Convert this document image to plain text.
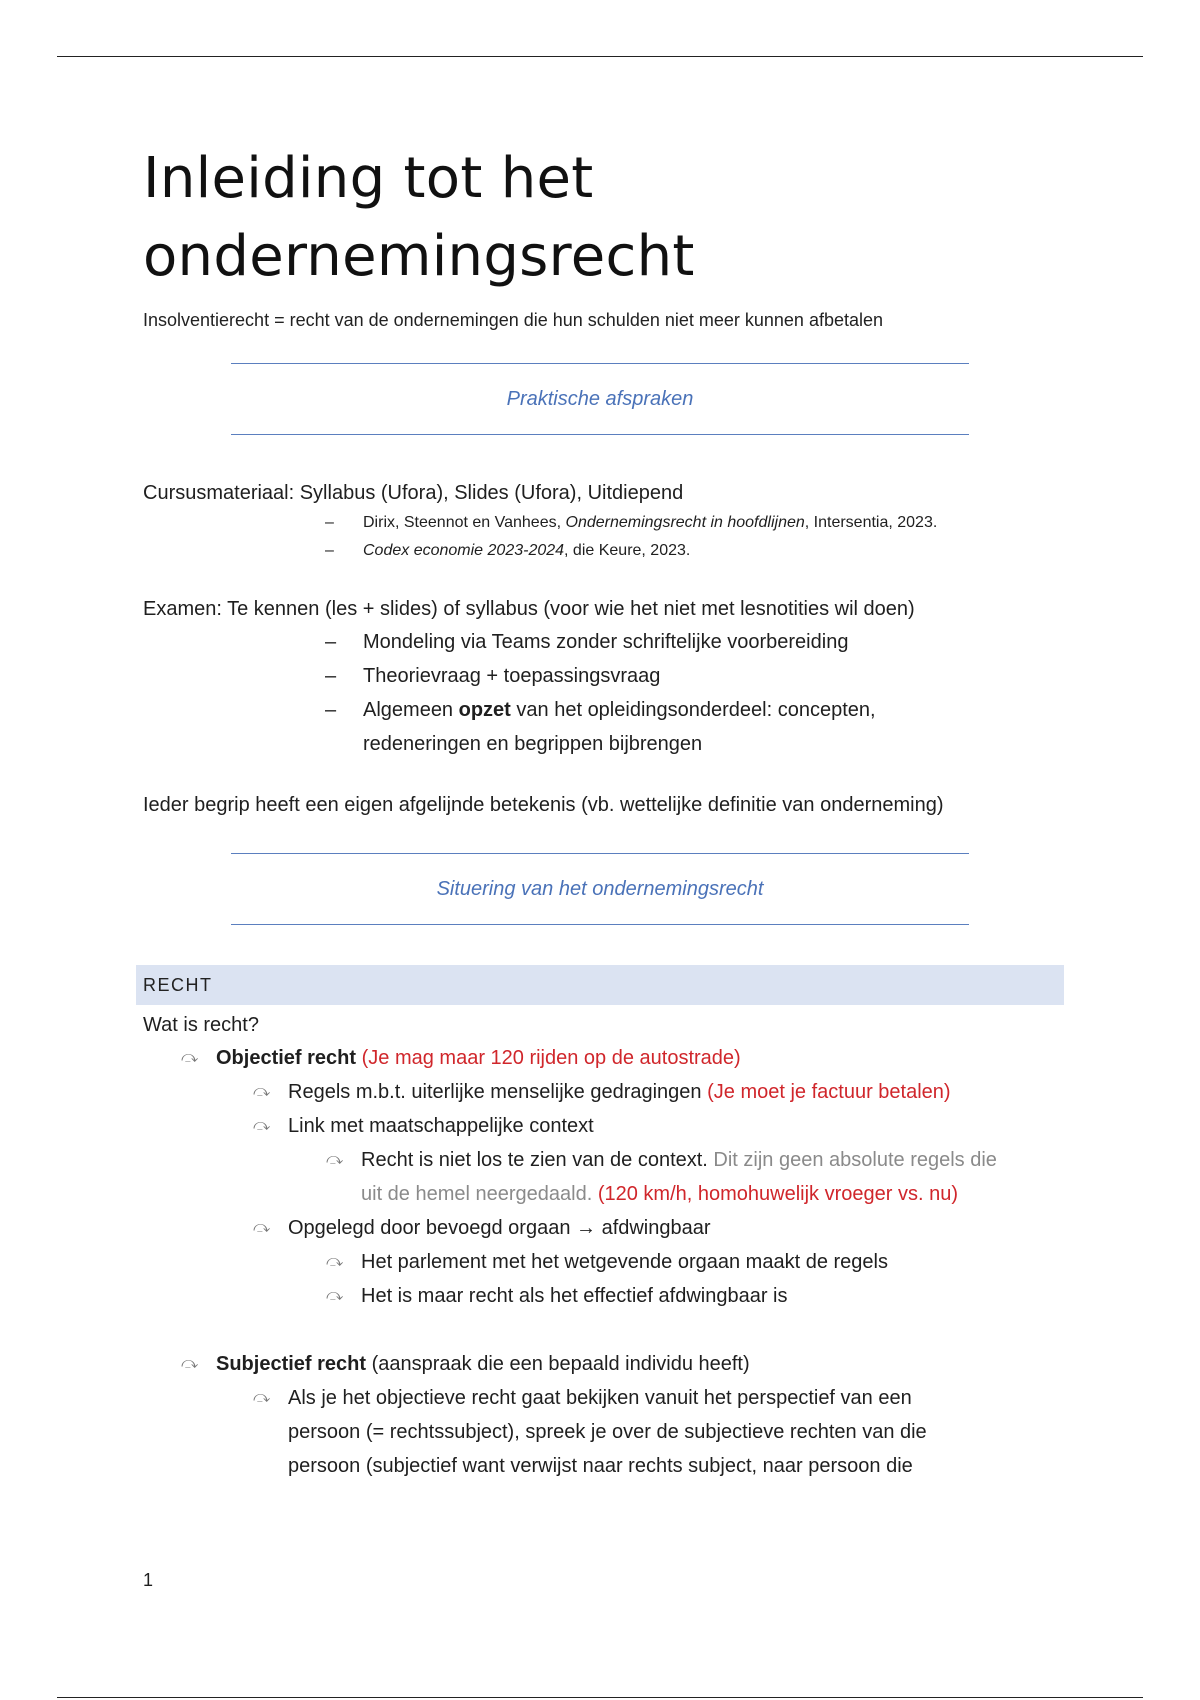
Inleiding tot het
ondernemingsrecht
Insolventierecht = recht van de ondernemingen die hun schulden niet meer kunnen afbetalen
Praktische afspraken
Cursusmateriaal: Syllabus (Ufora), Slides (Ufora), Uitdiepend
– Dirix, Steennot en Vanhees, Ondernemingsrecht in hoofdlijnen, Intersentia, 2023.
– Codex economie 2023-2024, die Keure, 2023.
Examen: Te kennen (les + slides) of syllabus (voor wie het niet met lesnotities wil doen)
– Mondeling via Teams zonder schriftelijke voorbereiding
– Theorievraag + toepassingsvraag
– Algemeen opzet van het opleidingsonderdeel: concepten,
redeneringen en begrippen bijbrengen
Ieder begrip heeft een eigen afgelijnde betekenis (vb. wettelijke definitie van onderneming)
Situering van het ondernemingsrecht
RECHT
Wat is recht?
⤼ Objectief recht (Je mag maar 120 rijden op de autostrade)
⤼ Regels m.b.t. uiterlijke menselijke gedragingen (Je moet je factuur betalen)
⤼ Link met maatschappelijke context
⤼ Recht is niet los te zien van de context. Dit zijn geen absolute regels die
uit de hemel neergedaald. (120 km/h, homohuwelijk vroeger vs. nu)
⤼ Opgelegd door bevoegd orgaan → afdwingbaar
⤼ Het parlement met het wetgevende orgaan maakt de regels
⤼ Het is maar recht als het effectief afdwingbaar is
⤼ Subjectief recht (aanspraak die een bepaald individu heeft)
⤼ Als je het objectieve recht gaat bekijken vanuit het perspectief van een
persoon (= rechtssubject), spreek je over de subjectieve rechten van die
persoon (subjectief want verwijst naar rechts subject, naar persoon die
1
